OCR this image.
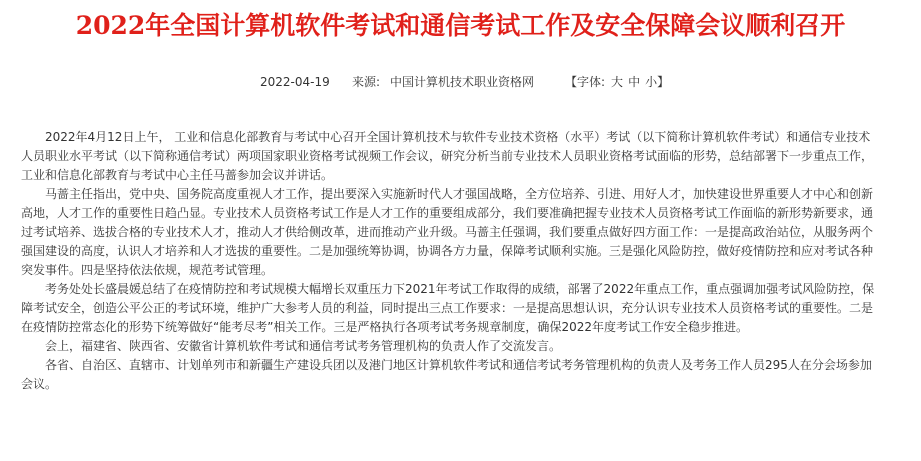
2022年全国计算机软件考试和通信考试工作及安全保障会议顺利召开
2022-04-19 来源: 中国计算机技术职业资格网	【字体: 大 中 小】

2022年4月12日上午， 工业和信息化部教育与考试中心召开全国计算机技术与软件专业技术资格（水平）考试（以下简称计算机软件考试）和通信专业技术人员职业水平考试（以下简称通信考试）两项国家职业资格考试视频工作会议，研究分析当前专业技术人员职业资格考试面临的形势，总结部署下一步重点工作，工业和信息化部教育与考试中心主任马蔷参加会议并讲话。

马蔷主任指出，党中央、国务院高度重视人才工作，提出要深入实施新时代人才强国战略，全方位培养、引进、用好人才，加快建设世界重要人才中心和创新高地，人才工作的重要性日趋凸显。专业技术人员资格考试工作是人才工作的重要组成部分，我们要准确把握专业技术人员资格考试工作面临的新形势新要求，通过考试培养、选拔合格的专业技术人才，推动人才供给侧改革，进而推动产业升级。马蔷主任强调，我们要重点做好四方面工作：一是提高政治站位，从服务两个强国建设的高度，认识人才培养和人才选拔的重要性。二是加强统筹协调，协调各方力量，保障考试顺利实施。三是强化风险防控，做好疫情防控和应对考试各种突发事件。四是坚持依法依规，规范考试管理。

考务处处长盛晨媛总结了在疫情防控和考试规模大幅增长双重压力下2021年考试工作取得的成绩，部署了2022年重点工作，重点强调加强考试风险防控，保障考试安全，创造公平公正的考试环境，维护广大参考人员的利益，同时提出三点工作要求：一是提高思想认识，充分认识专业技术人员资格考试的重要性。二是在疫情防控常态化的形势下统筹做好“能考尽考”相关工作。三是严格执行各项考试考务规章制度，确保2022年度考试工作安全稳步推进。

会上，福建省、陕西省、安徽省计算机软件考试和通信考试考务管理机构的负责人作了交流发言。

各省、自治区、直辖市、计划单列市和新疆生产建设兵团以及港门地区计算机软件考试和通信考试考务管理机构的负责人及考务工作人员295人在分会场参加会议。
